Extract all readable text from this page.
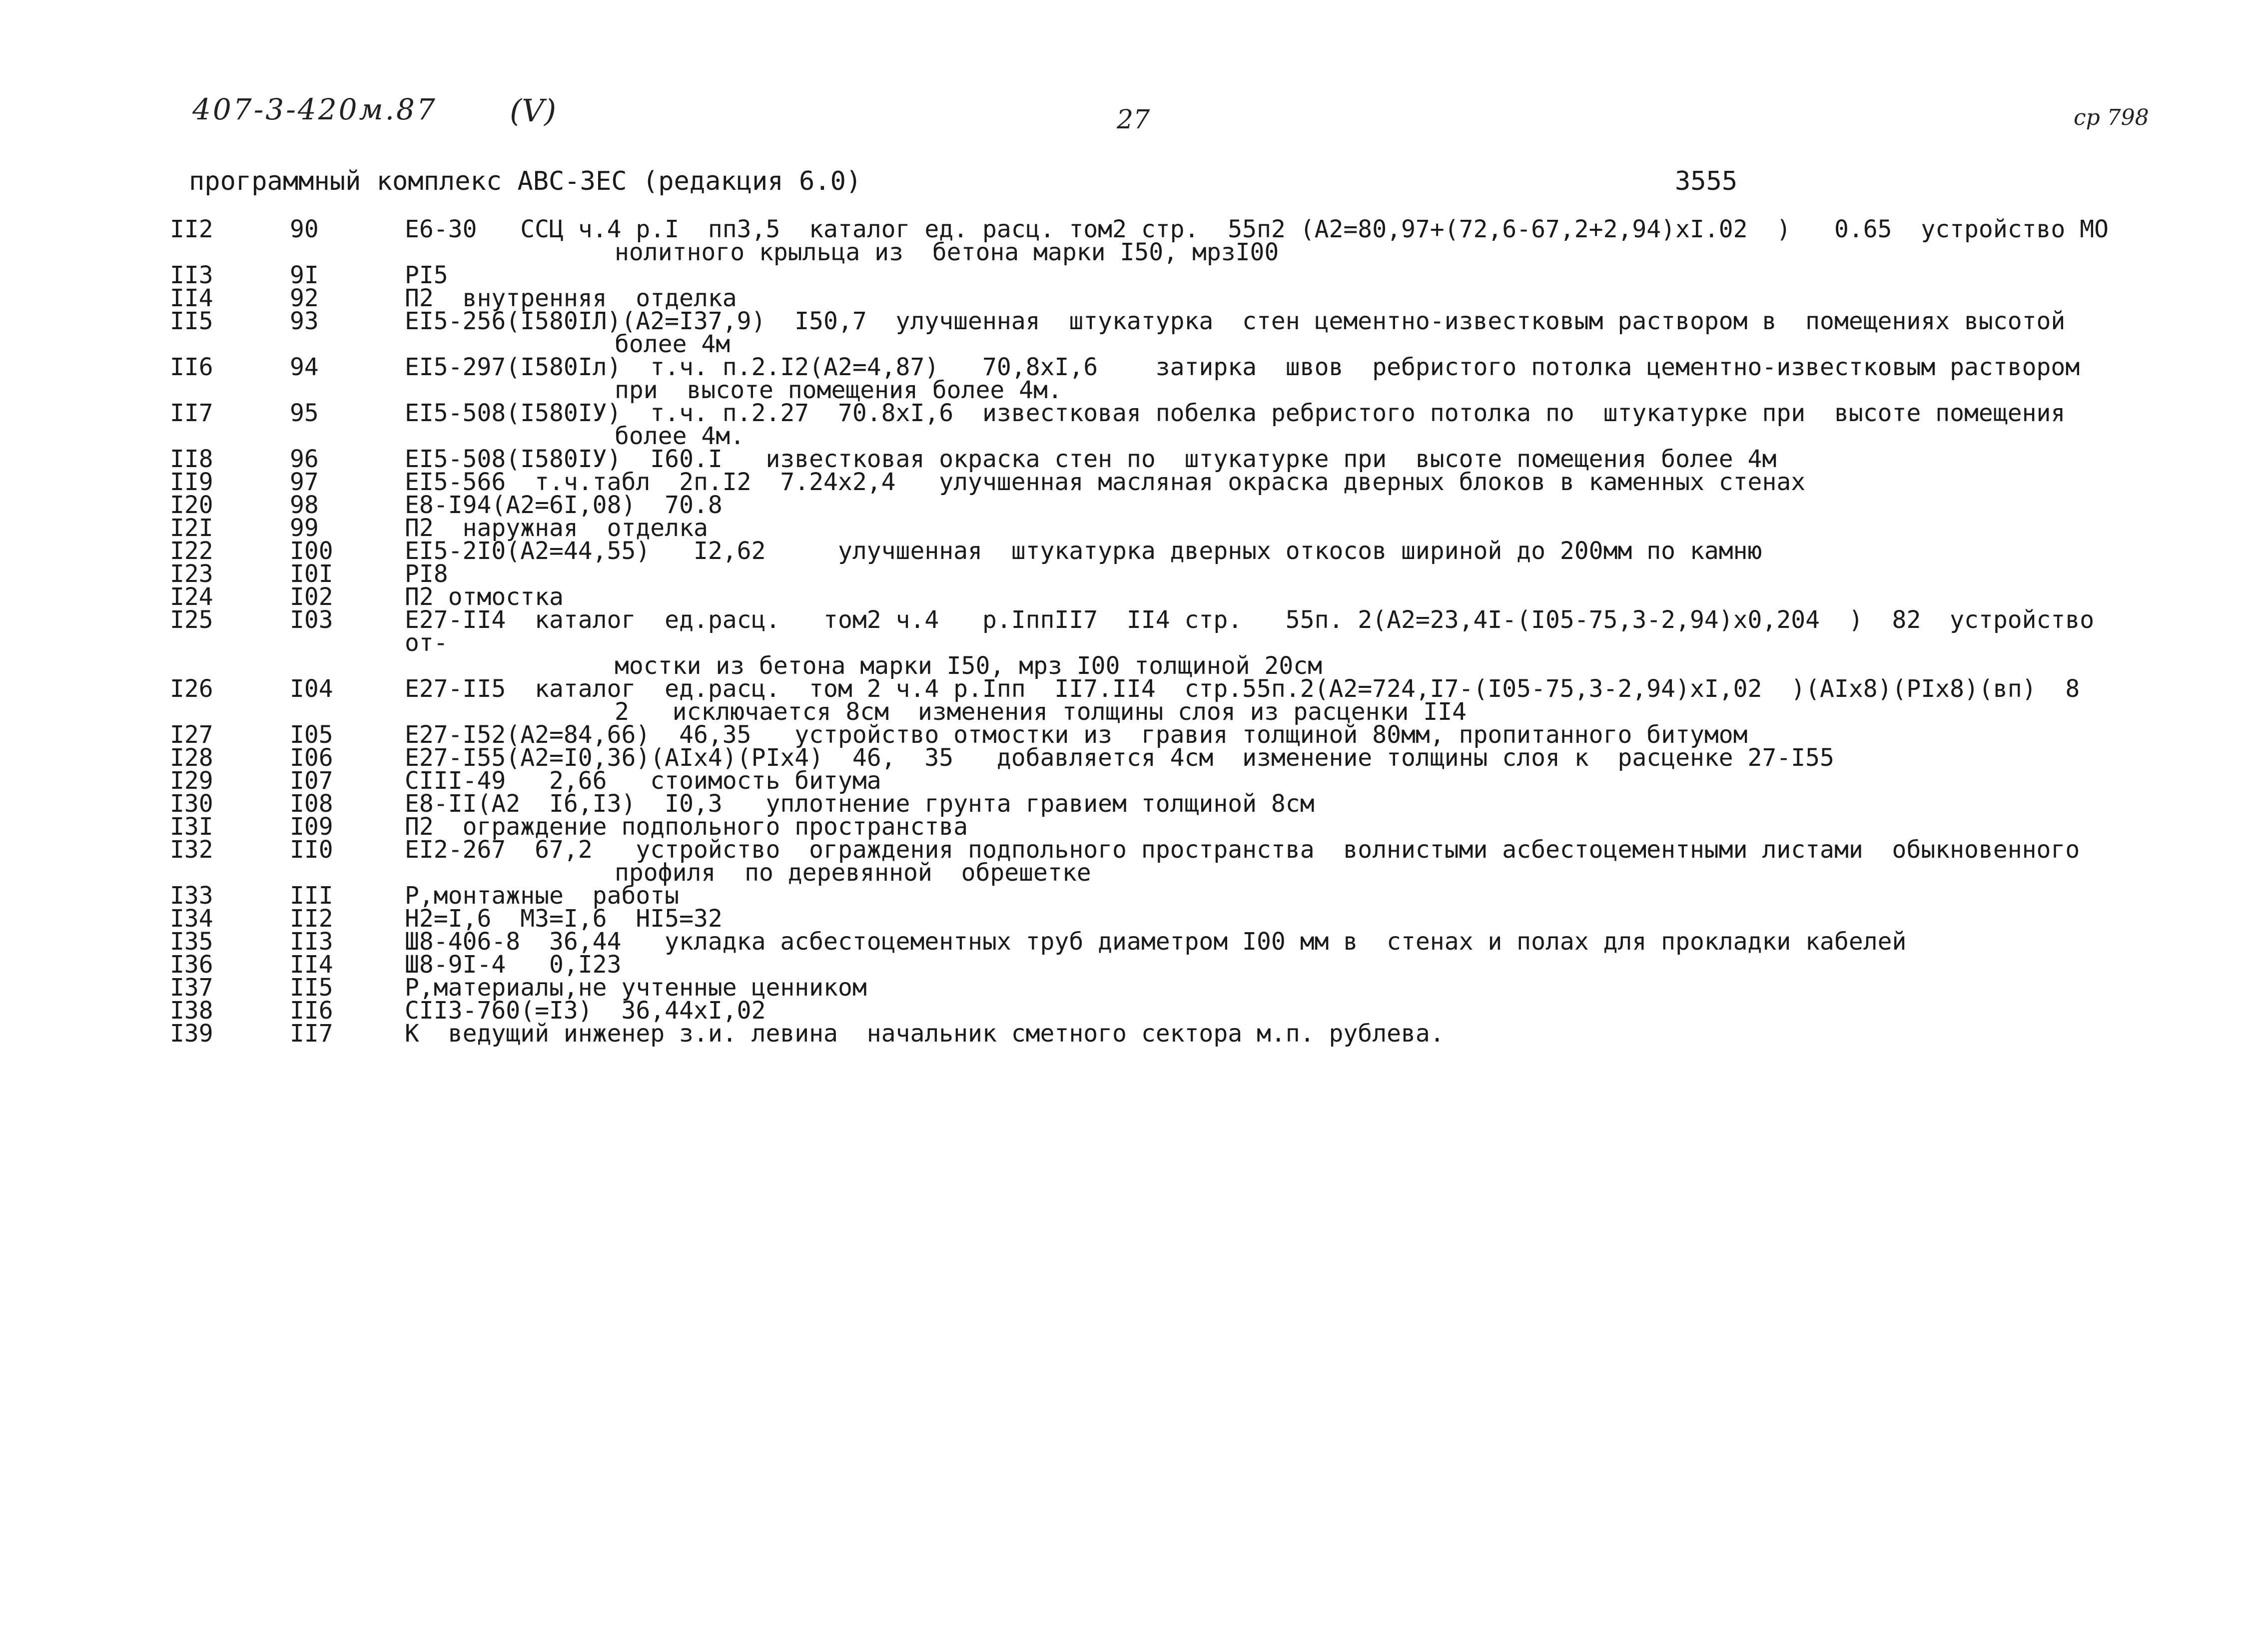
407-3-420м.87 (V)	27	ср 798
программный комплекс АВС-ЗЕС (редакция 6.0)	3555
II2	90	Е6-30   ССЦ ч.4 р.I  пп3,5  каталог ед. расц. том2 стр.  55п2 (А2=80,97+(72,6-67,2+2,94)хI.02  )   0.65  устройство МО
нолитного крыльца из  бетона марки I50, мрзI00
II3	9I	РI5
II4	92	П2  внутренняя  отделка
II5	93	ЕI5-256(I580IЛ)(А2=I37,9)  I50,7  улучшенная  штукатурка  стен цементно-известковым раствором в  помещениях высотой
более 4м
II6	94	ЕI5-297(I580Iл)  т.ч. п.2.I2(А2=4,87)   70,8хI,6    затирка  швов  ребристого потолка цементно-известковым раствором
при  высоте помещения более 4м.
II7	95	ЕI5-508(I580IУ)  т.ч. п.2.27  70.8хI,6  известковая побелка ребристого потолка по  штукатурке при  высоте помещения
более 4м.
II8	96	ЕI5-508(I580IУ)  I60.I   известковая окраска стен по  штукатурке при  высоте помещения более 4м
II9	97	ЕI5-566  т.ч.табл  2п.I2  7.24х2,4   улучшенная масляная окраска дверных блоков в каменных стенах
I20	98	Е8-I94(А2=6I,08)  70.8
I2I	99	П2  наружная  отделка
I22	I00	ЕI5-2I0(А2=44,55)   I2,62     улучшенная  штукатурка дверных откосов шириной до 200мм по камню
I23	I0I	РI8
I24	I02	П2 отмостка
I25	I03	Е27-II4  каталог  ед.расц.   том2 ч.4   р.IппII7  II4 стр.   55п. 2(А2=23,4I-(I05-75,3-2,94)х0,204  )  82  устройство от-
мостки из бетона марки I50, мрз I00 толщиной 20см
I26	I04	Е27-II5  каталог  ед.расц.  том 2 ч.4 р.Iпп  II7.II4  стр.55п.2(А2=724,I7-(I05-75,3-2,94)хI,02  )(АIх8)(РIх8)(вп)  8
2   исключается 8см  изменения толщины слоя из расценки II4
I27	I05	Е27-I52(А2=84,66)  46,35   устройство отмостки из  гравия толщиной 80мм, пропитанного битумом
I28	I06	Е27-I55(А2=I0,36)(АIх4)(РIх4)  46,  35   добавляется 4см  изменение толщины слоя к  расценке 27-I55
I29	I07	СIII-49   2,66   стоимость битума
I30	I08	Е8-II(А2  I6,I3)  I0,3   уплотнение грунта гравием толщиной 8см
I3I	I09	П2  ограждение подпольного пространства
I32	II0	ЕI2-267  67,2   устройство  ограждения подпольного пространства  волнистыми асбестоцементными листами  обыкновенного
профиля  по деревянной  обрешетке
I33	III	Р,монтажные  работы
I34	II2	Н2=I,6  М3=I,6  НI5=32
I35	II3	Ш8-406-8  36,44   укладка асбестоцементных труб диаметром I00 мм в  стенах и полах для прокладки кабелей
I36	II4	Ш8-9I-4   0,I23
I37	II5	Р,материалы,не учтенные ценником
I38	II6	СII3-760(=I3)  36,44хI,02
I39	II7	К  ведущий инженер з.и. левина  начальник сметного сектора м.п. рублева.
